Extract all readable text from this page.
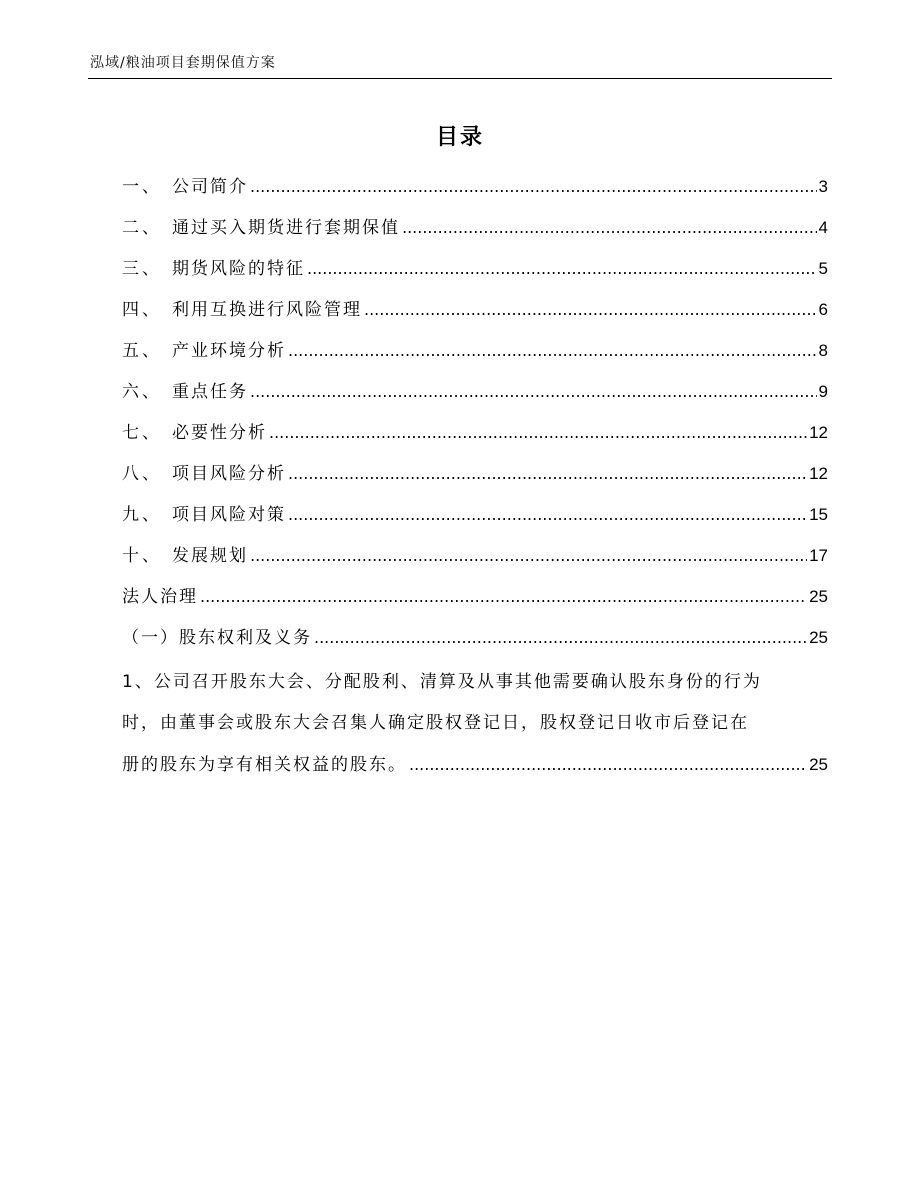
泓域/粮油项目套期保值方案
目录
一、 公司简介 .....	3
二、 通过买入期货进行套期保值 .....	4
三、 期货风险的特征 .....	5
四、 利用互换进行风险管理 .....	6
五、 产业环境分析 .....	8
六、 重点任务 .....	9
七、 必要性分析 .....	12
八、 项目风险分析 .....	12
九、 项目风险对策 .....	15
十、 发展规划 .....	17
法人治理 .....	25
（一）股东权利及义务 .....	25
1、公司召开股东大会、分配股利、清算及从事其他需要确认股东身份的行为
时，由董事会或股东大会召集人确定股权登记日，股权登记日收市后登记在
册的股东为享有相关权益的股东。 .....	25
